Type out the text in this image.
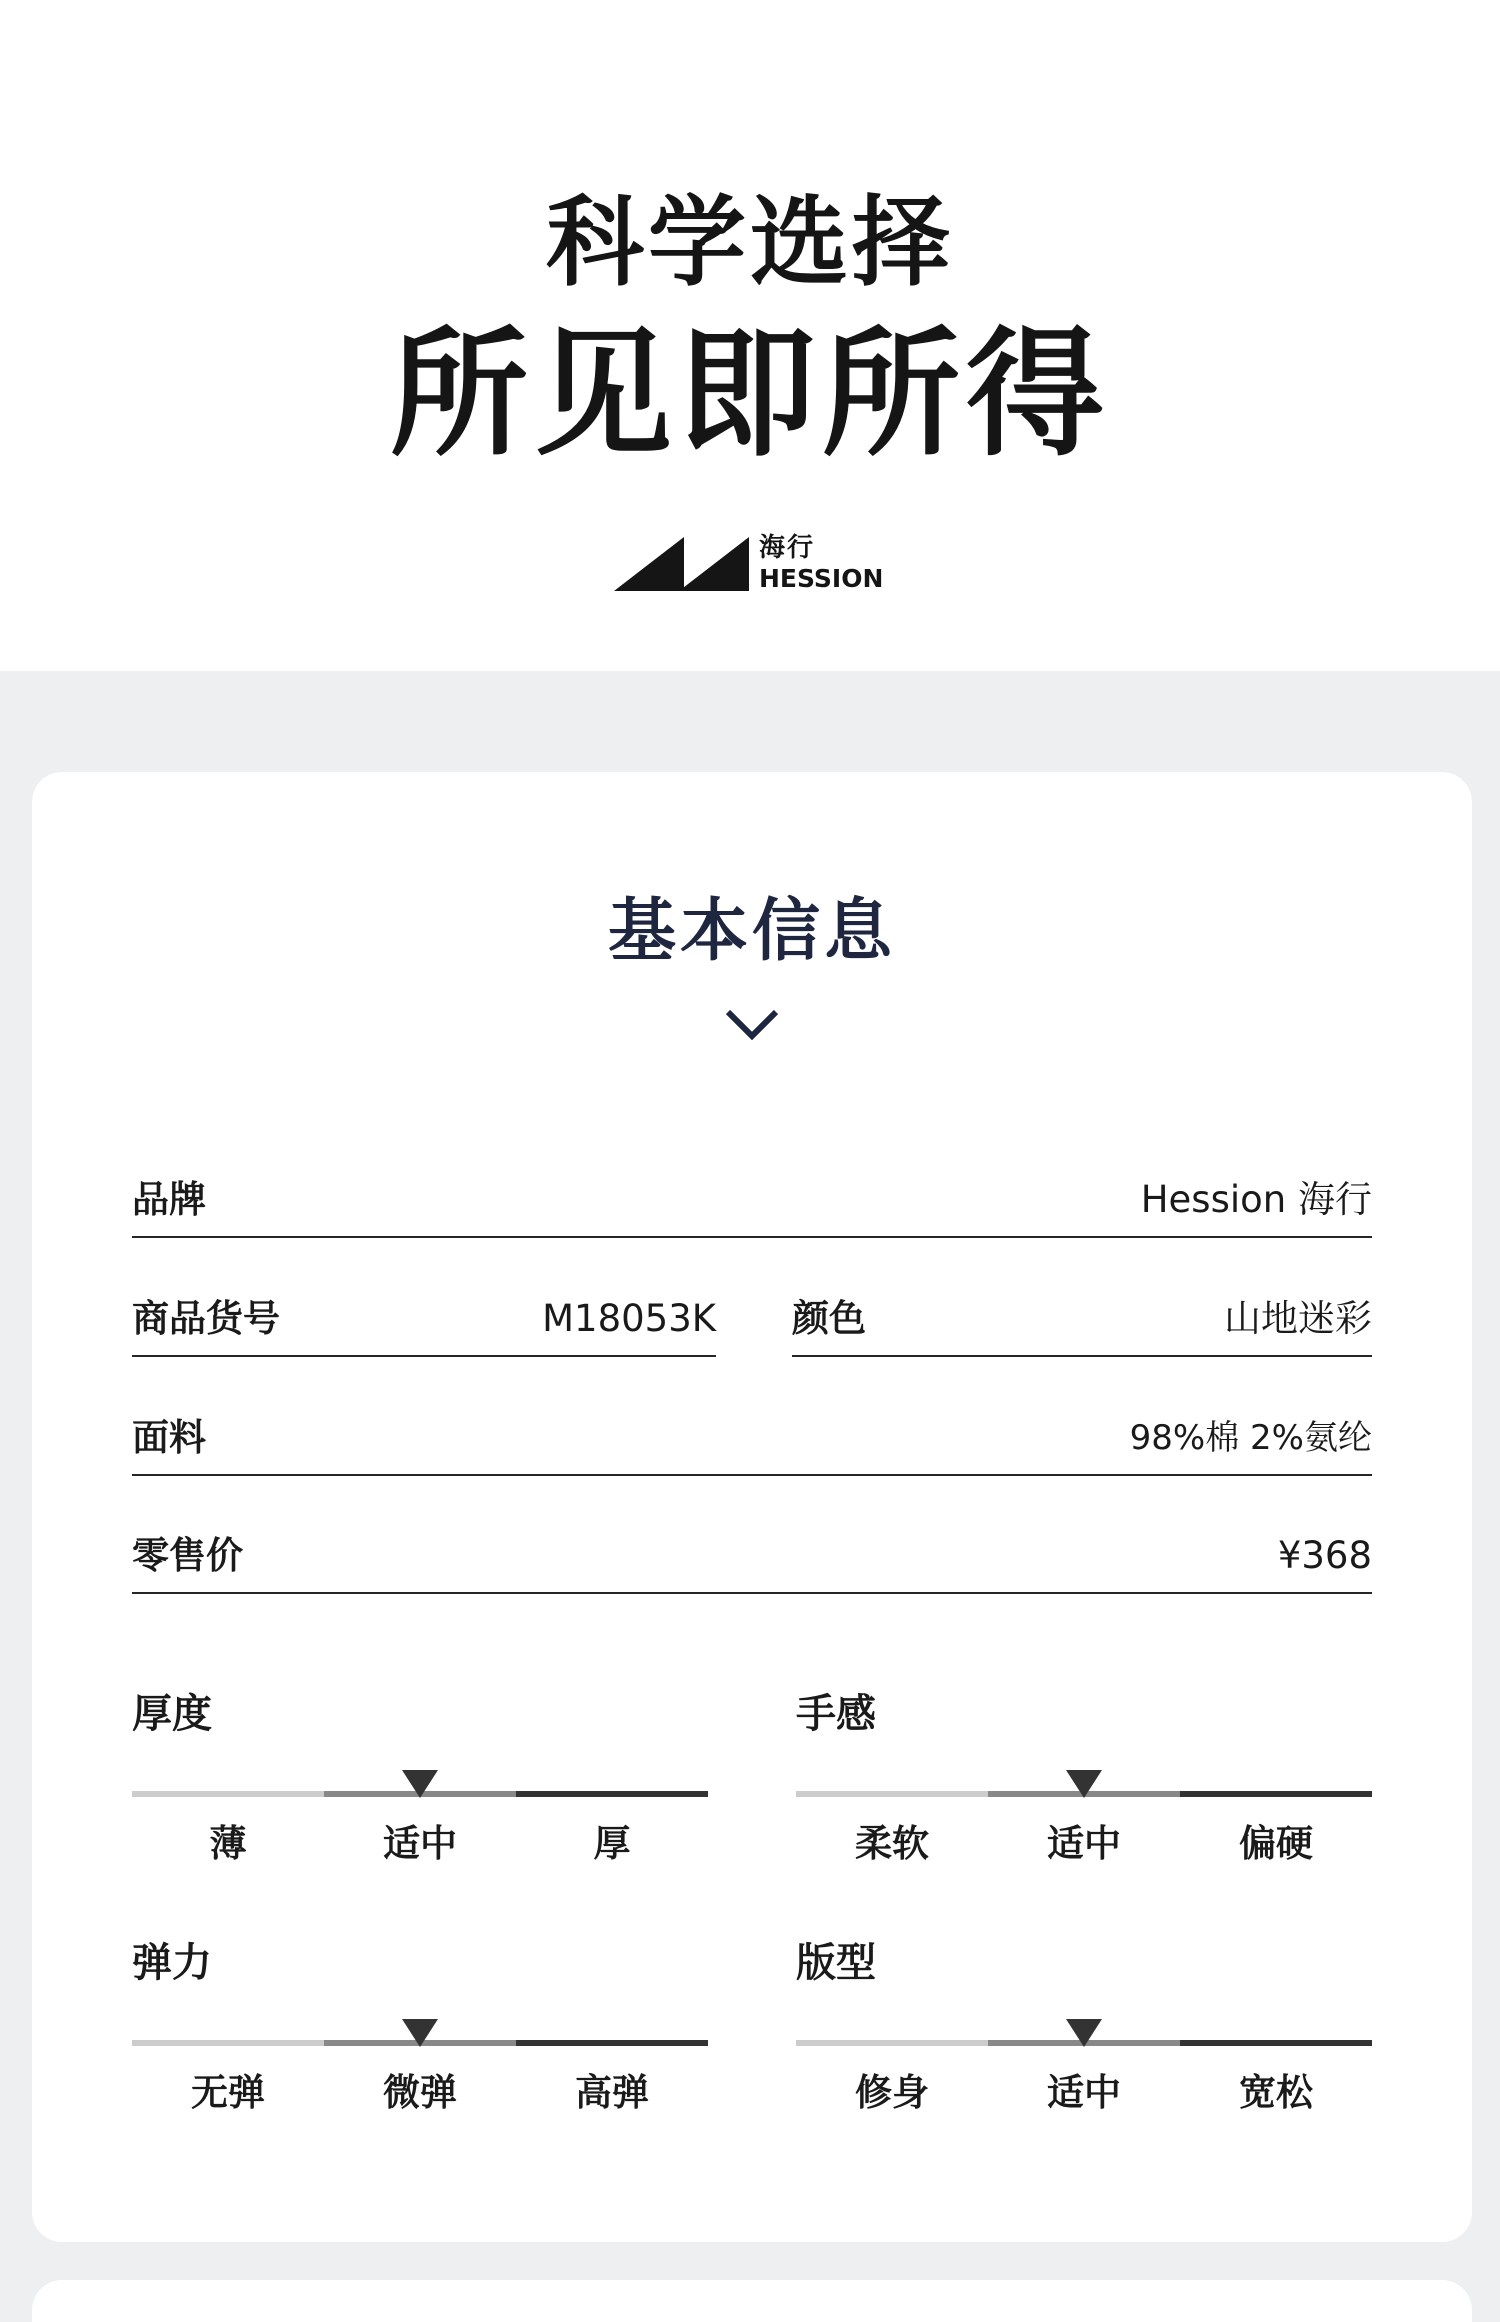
科学选择
所见即所得
海行
HESSION
基本信息
品牌	Hession 海行
商品货号	M18053K 颜色	山地迷彩
面料	98%棉 2%氨纶
零售价	¥368
厚度
薄	适中	厚
手感
柔软	适中	偏硬
弹力
无弹	微弹	高弹
版型
修身	适中	宽松
